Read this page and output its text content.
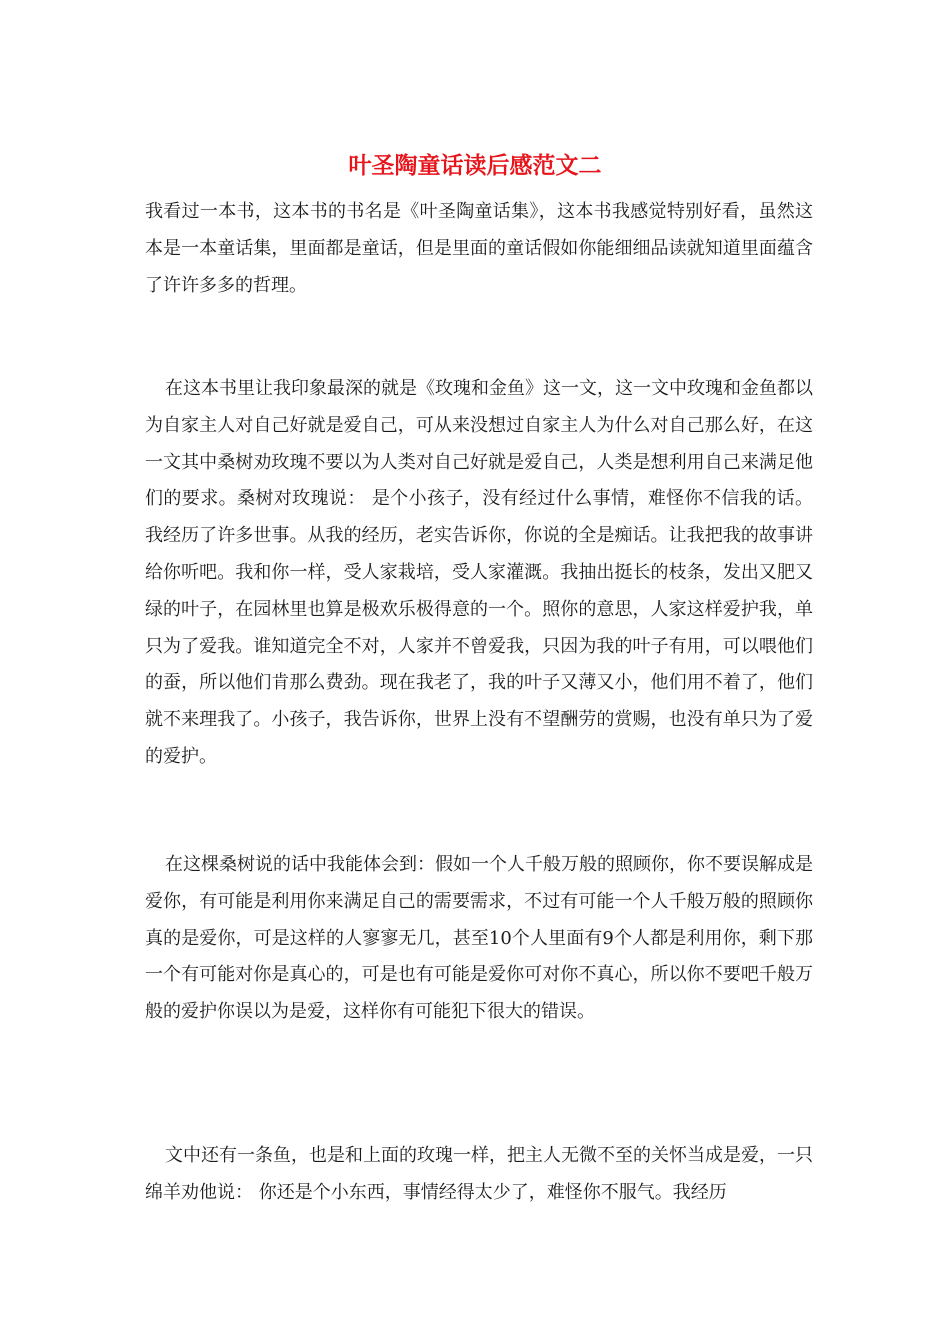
叶圣陶童话读后感范文二

我看过一本书，这本书的书名是《叶圣陶童话集》，这本书我感觉特别好看，虽然这本是一本童话集，里面都是童话，但是里面的童话假如你能细细品读就知道里面蕴含了许许多多的哲理。

在这本书里让我印象最深的就是《玫瑰和金鱼》这一文，这一文中玫瑰和金鱼都以为自家主人对自己好就是爱自己，可从来没想过自家主人为什么对自己那么好，在这一文其中桑树劝玫瑰不要以为人类对自己好就是爱自己，人类是想利用自己来满足他们的要求。桑树对玫瑰说： 是个小孩子，没有经过什么事情，难怪你不信我的话。我经历了许多世事。从我的经历，老实告诉你，你说的全是痴话。让我把我的故事讲给你听吧。我和你一样，受人家栽培，受人家灌溉。我抽出挺长的枝条，发出又肥又绿的叶子，在园林里也算是极欢乐极得意的一个。照你的意思，人家这样爱护我，单只为了爱我。谁知道完全不对，人家并不曾爱我，只因为我的叶子有用，可以喂他们的蚕，所以他们肯那么费劲。现在我老了，我的叶子又薄又小，他们用不着了，他们就不来理我了。小孩子，我告诉你，世界上没有不望酬劳的赏赐，也没有单只为了爱的爱护。

在这棵桑树说的话中我能体会到：假如一个人千般万般的照顾你，你不要误解成是爱你，有可能是利用你来满足自己的需要需求，不过有可能一个人千般万般的照顾你真的是爱你，可是这样的人寥寥无几，甚至10个人里面有9个人都是利用你，剩下那一个有可能对你是真心的，可是也有可能是爱你可对你不真心，所以你不要吧千般万般的爱护你误以为是爱，这样你有可能犯下很大的错误。

文中还有一条鱼，也是和上面的玫瑰一样，把主人无微不至的关怀当成是爱，一只绵羊劝他说： 你还是个小东西，事情经得太少了，难怪你不服气。我经历
